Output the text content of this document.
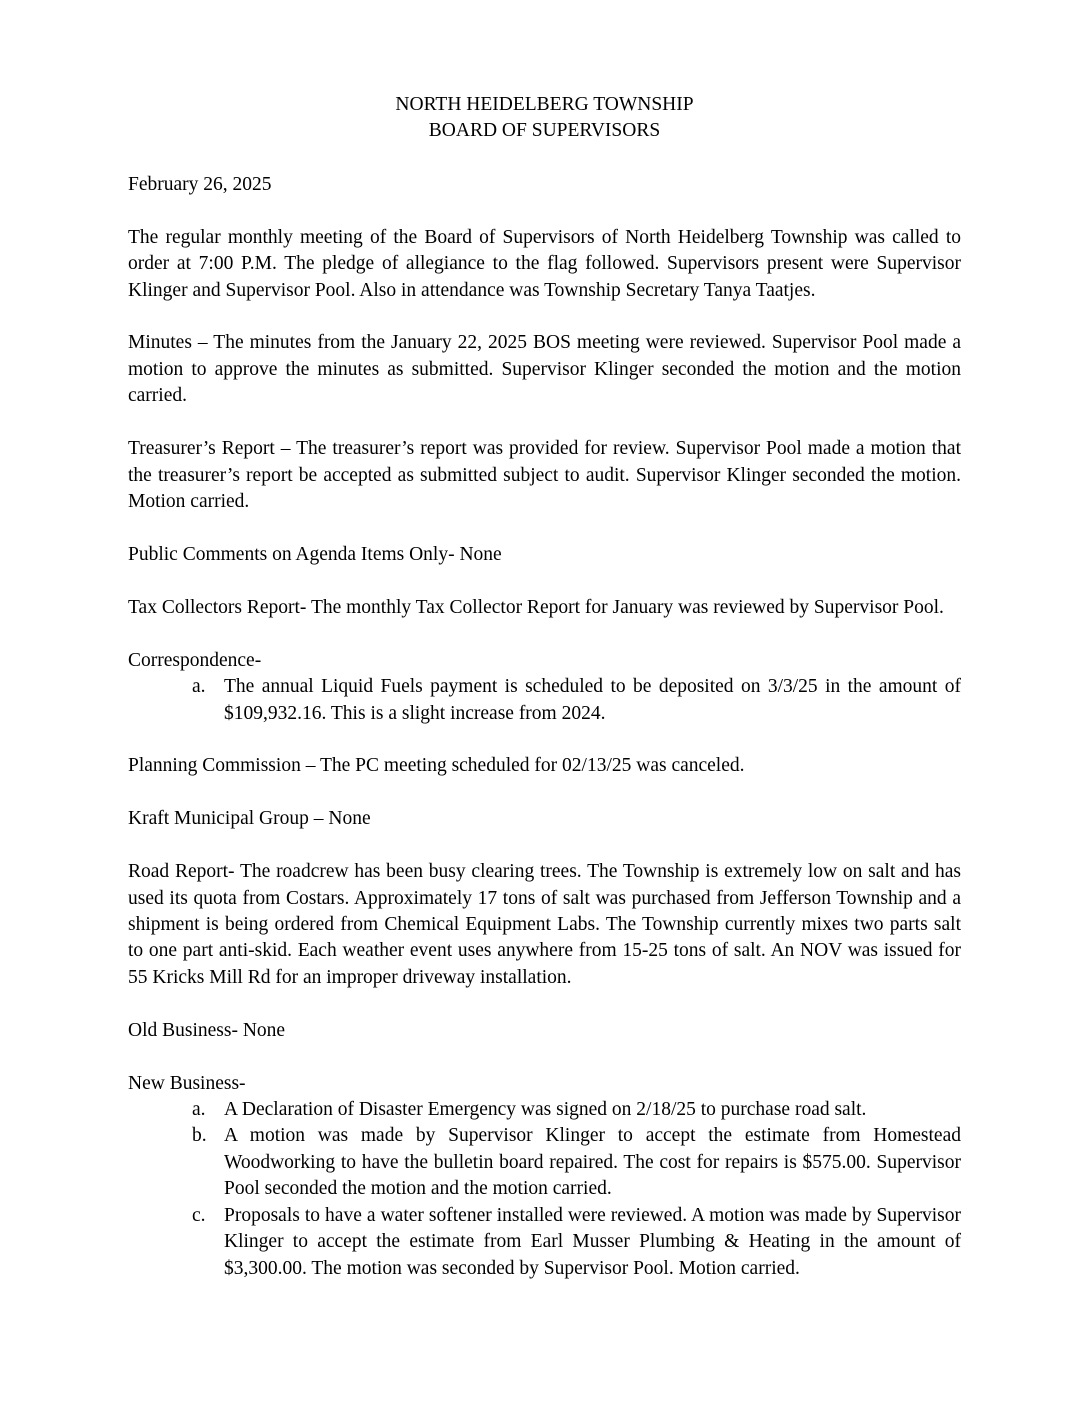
NORTH HEIDELBERG TOWNSHIP
BOARD OF SUPERVISORS

February 26, 2025

The regular monthly meeting of the Board of Supervisors of North Heidelberg Township was called to order at 7:00 P.M. The pledge of allegiance to the flag followed. Supervisors present were Supervisor Klinger and Supervisor Pool. Also in attendance was Township Secretary Tanya Taatjes.

Minutes – The minutes from the January 22, 2025 BOS meeting were reviewed. Supervisor Pool made a motion to approve the minutes as submitted. Supervisor Klinger seconded the motion and the motion carried.

Treasurer’s Report – The treasurer’s report was provided for review. Supervisor Pool made a motion that the treasurer’s report be accepted as submitted subject to audit. Supervisor Klinger seconded the motion. Motion carried.

Public Comments on Agenda Items Only- None

Tax Collectors Report- The monthly Tax Collector Report for January was reviewed by Supervisor Pool.

Correspondence-

a. The annual Liquid Fuels payment is scheduled to be deposited on 3/3/25 in the amount of $109,932.16. This is a slight increase from 2024.

Planning Commission – The PC meeting scheduled for 02/13/25 was canceled.

Kraft Municipal Group – None

Road Report- The roadcrew has been busy clearing trees. The Township is extremely low on salt and has used its quota from Costars. Approximately 17 tons of salt was purchased from Jefferson Township and a shipment is being ordered from Chemical Equipment Labs. The Township currently mixes two parts salt to one part anti-skid. Each weather event uses anywhere from 15-25 tons of salt. An NOV was issued for 55 Kricks Mill Rd for an improper driveway installation.

Old Business- None

New Business-

a. A Declaration of Disaster Emergency was signed on 2/18/25 to purchase road salt.
b. A motion was made by Supervisor Klinger to accept the estimate from Homestead Woodworking to have the bulletin board repaired. The cost for repairs is $575.00. Supervisor Pool seconded the motion and the motion carried.
c. Proposals to have a water softener installed were reviewed. A motion was made by Supervisor Klinger to accept the estimate from Earl Musser Plumbing & Heating in the amount of $3,300.00. The motion was seconded by Supervisor Pool. Motion carried.
